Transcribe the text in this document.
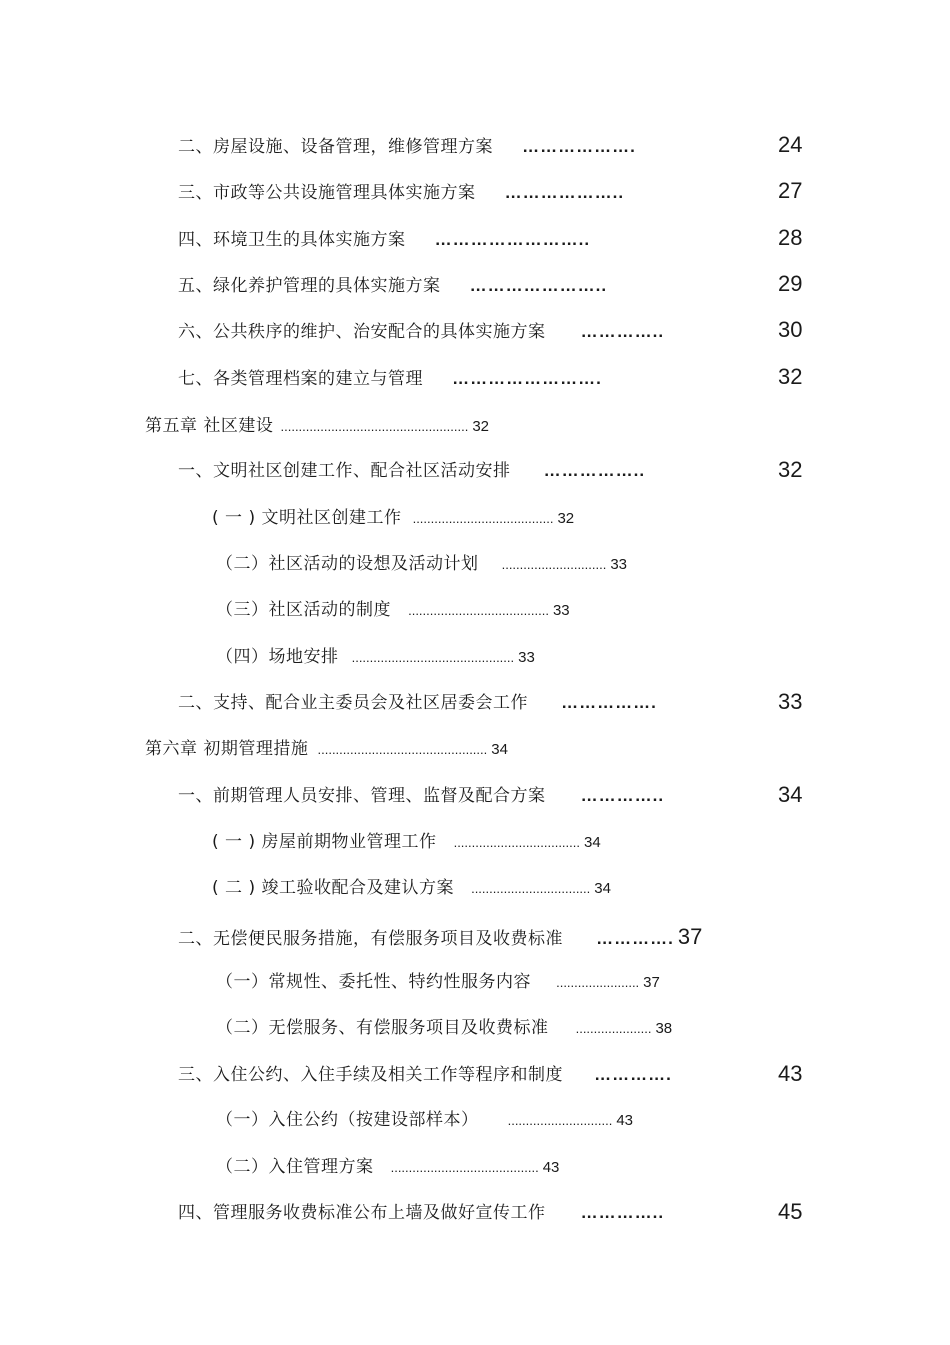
二、房屋设施、设备管理，维修管理方案 ……………….	24
三、市政等公共设施管理具体实施方案 ………………..	27
四、环境卫生的具体实施方案 ……………………..	28
五、绿化养护管理的具体实施方案 …………………..	29
六、公共秩序的维护、治安配合的具体实施方案 …………..	30
七、各类管理档案的建立与管理 …………………….	32
第五章 社区建设 .................................................... 32
一、文明社区创建工作、配合社区活动安排 ……………..	32
( 一 ) 文明社区创建工作 ....................................... 32
（二）社区活动的设想及活动计划 ............................. 33
（三）社区活动的制度 ....................................... 33
（四）场地安排 ............................................. 33
二、支持、配合业主委员会及社区居委会工作 …………….	33
第六章 初期管理措施 ............................................... 34
一、前期管理人员安排、管理、监督及配合方案 …………..	34
( 一 ) 房屋前期物业管理工作 ................................... 34
( 二 ) 竣工验收配合及建认方案 ................................. 34
二、无偿便民服务措施，有偿服务项目及收费标准 …………. 37
（一）常规性、委托性、特约性服务内容 ....................... 37
（二）无偿服务、有偿服务项目及收费标准 ..................... 38
三、入住公约、入住手续及相关工作等程序和制度 ………….	43
（一）入住公约（按建设部样本） ............................. 43
（二）入住管理方案 ......................................... 43
四、管理服务收费标准公布上墙及做好宣传工作 …………..	45
